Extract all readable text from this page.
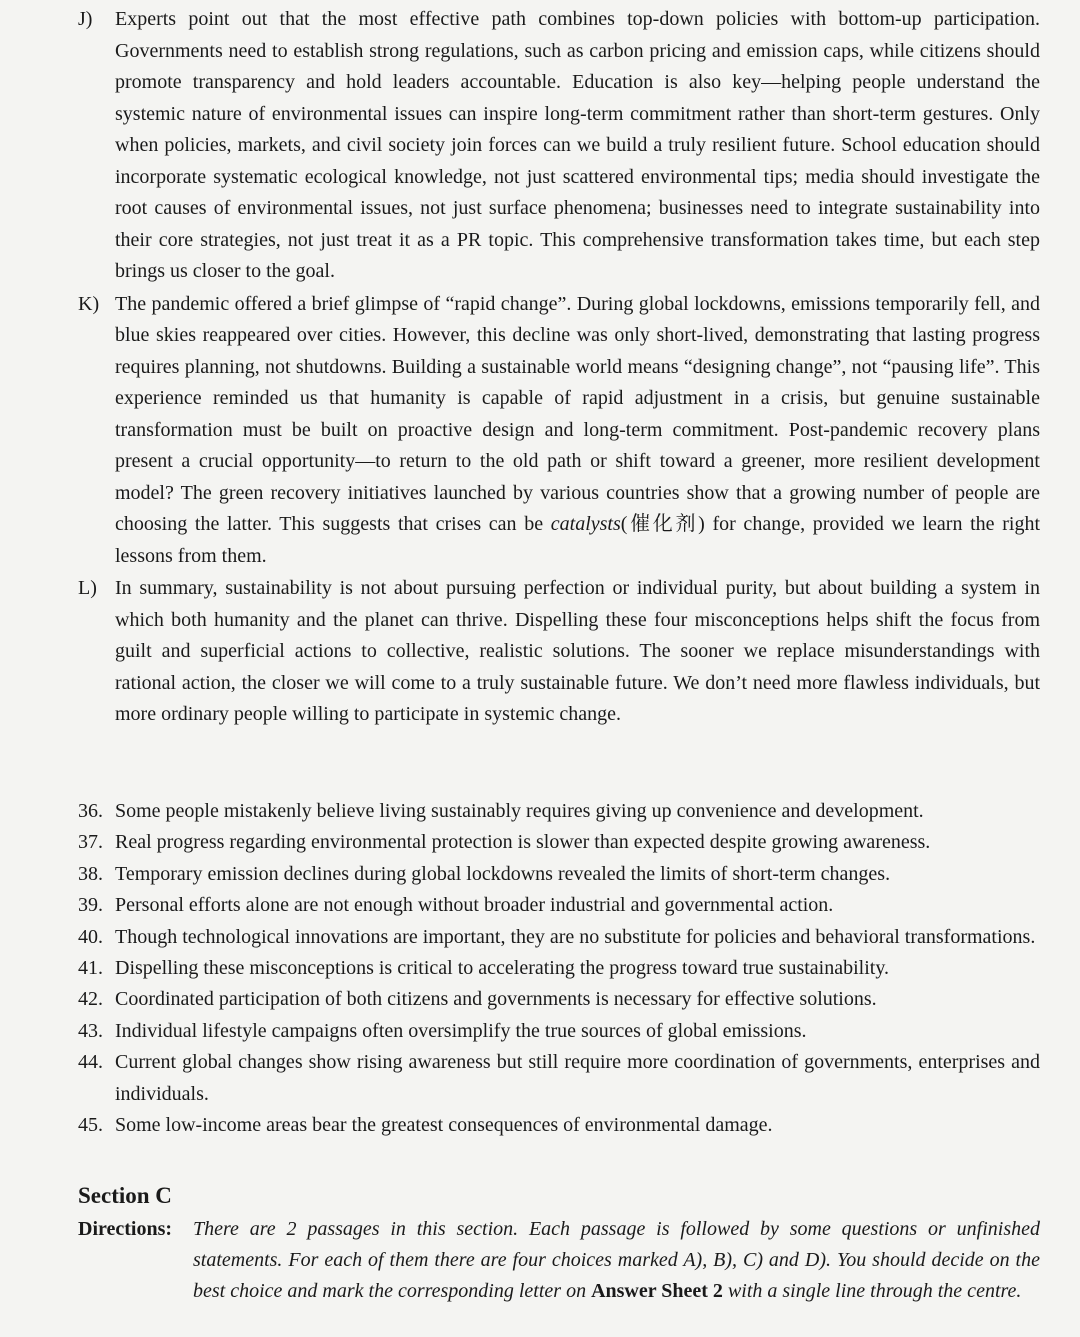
J)	Experts point out that the most effective path combines top-down policies with bottom-up participation. Governments need to establish strong regulations, such as carbon pricing and emission caps, while citizens should promote transparency and hold leaders accountable. Education is also key—helping people understand the systemic nature of environmental issues can inspire long-term commitment rather than short-term gestures. Only when policies, markets, and civil society join forces can we build a truly resilient future. School education should incorporate systematic ecological knowledge, not just scattered environmental tips; media should investigate the root causes of environmental issues, not just surface phenomena; businesses need to integrate sustainability into their core strategies, not just treat it as a PR topic. This comprehensive transformation takes time, but each step brings us closer to the goal.
K) The pandemic offered a brief glimpse of “rapid change”. During global lockdowns, emissions temporarily fell, and blue skies reappeared over cities. However, this decline was only short-lived, demonstrating that lasting progress requires planning, not shutdowns. Building a sustainable world means “designing change”, not “pausing life”. This experience reminded us that humanity is capable of rapid adjustment in a crisis, but genuine sustainable transformation must be built on proactive design and long-term commitment. Post-pandemic recovery plans present a crucial opportunity—to return to the old path or shift toward a greener, more resilient development model? The green recovery initiatives launched by various countries show that a growing number of people are choosing the latter. This suggests that crises can be catalysts(催化剂) for change, provided we learn the right lessons from them.
L) In summary, sustainability is not about pursuing perfection or individual purity, but about building a system in which both humanity and the planet can thrive. Dispelling these four misconceptions helps shift the focus from guilt and superficial actions to collective, realistic solutions. The sooner we replace misunderstandings with rational action, the closer we will come to a truly sustainable future. We don’t need more flawless individuals, but more ordinary people willing to participate in systemic change.
36. Some people mistakenly believe living sustainably requires giving up convenience and development.
37. Real progress regarding environmental protection is slower than expected despite growing awareness.
38. Temporary emission declines during global lockdowns revealed the limits of short-term changes.
39. Personal efforts alone are not enough without broader industrial and governmental action.
40. Though technological innovations are important, they are no substitute for policies and behavioral transformations.
41. Dispelling these misconceptions is critical to accelerating the progress toward true sustainability.
42. Coordinated participation of both citizens and governments is necessary for effective solutions.
43. Individual lifestyle campaigns often oversimplify the true sources of global emissions.
44. Current global changes show rising awareness but still require more coordination of governments, enterprises and individuals.
45. Some low-income areas bear the greatest consequences of environmental damage.
Section C
Directions:	There are 2 passages in this section. Each passage is followed by some questions or unfinished statements. For each of them there are four choices marked A), B), C) and D). You should decide on the best choice and mark the corresponding letter on Answer Sheet 2 with a single line through the centre.
